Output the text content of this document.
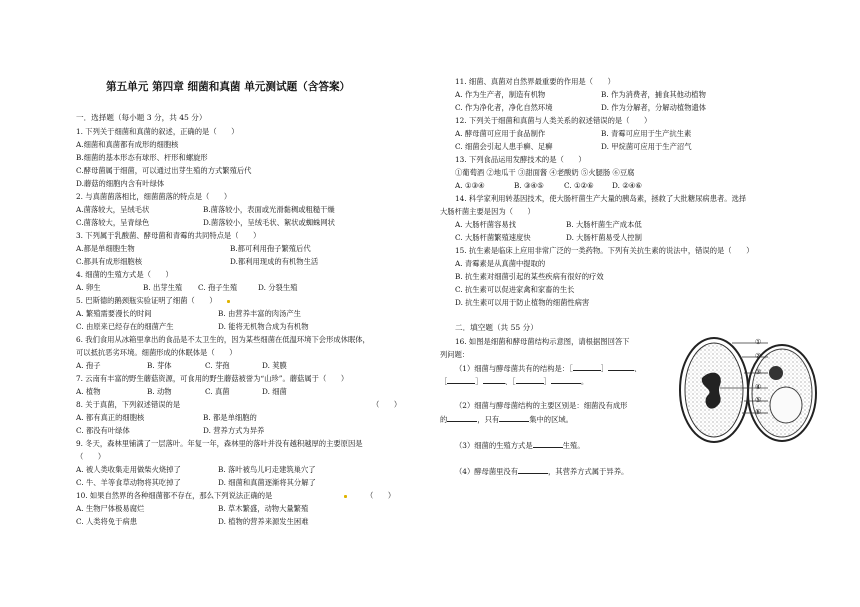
第五单元 第四章 细菌和真菌 单元测试题（含答案）
一．选择题（每小题 3 分，共 45 分）
1. 下列关于细菌和真菌的叙述，正确的是（　　）
A.细菌和真菌都有成形的细胞核
B.细菌的基本形态有球形、杆形和螺旋形
C.酵母菌属于细菌，可以通过出芽生殖的方式繁殖后代
D.蘑菇的细胞内含有叶绿体
2. 与真菌菌落相比，细菌菌落的特点是（　　）
A.菌落较大，呈绒毛状	B.菌落较小，表面或光滑黏稠或粗糙干燥
C.菌落较大，呈青绿色	D.菌落较小，呈绒毛状、絮状或蜘蛛网状
3. 下列属于乳酸菌、酵母菌和青霉的共同特点是（　　）
A.都是单细胞生物	B.都可利用孢子繁殖后代
C.都具有成形细胞核	D.都利用现成的有机物生活
4. 细菌的生殖方式是（　　）
A. 卵生	B. 出芽生殖 C. 孢子生殖	D. 分裂生殖
5. 巴斯德的鹅颈瓶实验证明了细菌（　　）
A. 繁殖需要漫长的时间	B. 由营养丰富的肉汤产生
C. 由原来已经存在的细菌产生	D. 能将无机物合成为有机物
6. 我们食用从冰箱里拿出的食品是不太卫生的，因为某些细菌在低温环境下会形成休眠体，
可以抵抗恶劣环境。细菌形成的休眠体是（　　）
A. 孢子	B. 芽体	C. 芽孢	D. 荚膜
7. 云南有丰富的野生蘑菇资源，可食用的野生蘑菇被誉为“山珍”。蘑菇属于（　　）
A. 植物	B. 动物	C. 真菌	D. 细菌
8. 关于真菌，下列叙述错误的是	（　　）
A. 都有真正的细胞核	B. 都是单细胞的
C. 都没有叶绿体	D. 营养方式为异养
9. 冬天，森林里铺满了一层落叶。年复一年，森林里的落叶并没有越积越厚的主要原因是
（　　）
A. 被人类收集走用做柴火烧掉了	B. 落叶被鸟儿叼走建筑巢穴了
C. 牛、羊等食草动物将其吃掉了	D. 细菌和真菌逐渐将其分解了
10. 如果自然界的各种细菌都不存在，那么下列说法正确的是	（　　）
A. 生物尸体极易腐烂	B. 草木繁盛，动物大量繁殖
C. 人类将免于病患	D. 植物的营养来源发生困难
11. 细菌、真菌对自然界最重要的作用是（　　）
A. 作为生产者，制造有机物	B. 作为消费者，捕食其他动植物
C. 作为净化者，净化自然环境	D. 作为分解者，分解动植物遗体
12. 下列关于细菌和真菌与人类关系的叙述错误的是（　　）
A. 酵母菌可应用于食品制作	B. 青霉可应用于生产抗生素
C. 细菌会引起人患手癣、足癣	D. 甲烷菌可应用于生产沼气
13. 下列食品运用发酵技术的是（　　）
①葡萄酒 ②地瓜干 ③甜面酱 ④老酸奶 ⑤火腿肠 ⑥豆腐
A. ①③④	B. ③④⑤	C. ①②⑥	D. ②④⑥
14. 科学家利用转基因技术，使大肠杆菌生产大量的胰岛素，拯救了大批糖尿病患者。选择
大肠杆菌主要是因为（　　）
A. 大肠杆菌容易找	B. 大肠杆菌生产成本低
C. 大肠杆菌繁殖速度快	D. 大肠杆菌易受人控制
15. 抗生素是临床上应用非常广泛的一类药物。下列有关抗生素的说法中，错误的是（　　）
A. 青霉素是从真菌中提取的
B. 抗生素对细菌引起的某些疾病有很好的疗效
C. 抗生素可以促进家禽和家畜的生长
D. 抗生素可以用于防止植物的细菌性病害
二．填空题（共 55 分）
16. 如图是细菌和酵母菌结构示意图，请根据图回答下
列问题：
（1）细菌与酵母菌共有的结构是：［	］	、
［	］	、［	］	。
（2）细菌与酵母菌结构的主要区别是：细菌没有成形
的	，只有	集中的区域。
（3）细菌的生殖方式是	生殖。
（4）酵母菌里没有	，其营养方式属于异养。
①
②
③
④
⑤
⑥
